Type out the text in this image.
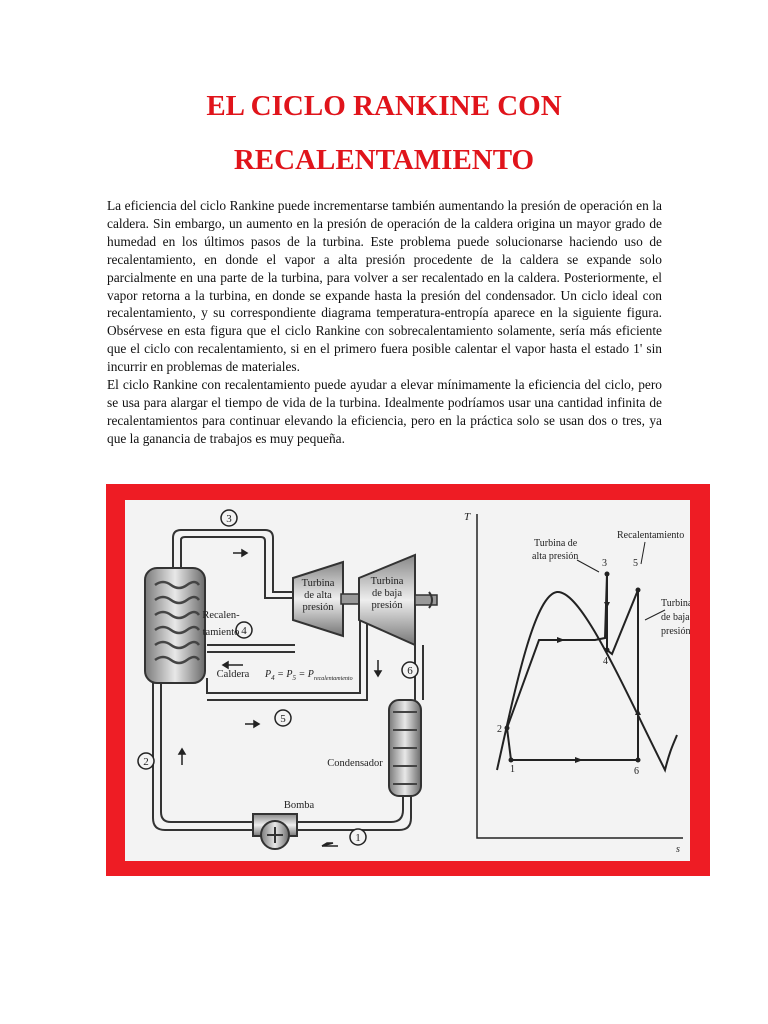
EL CICLO RANKINE CON
RECALENTAMIENTO

La eficiencia del ciclo Rankine puede incrementarse también aumentando la presión de operación en la caldera. Sin embargo, un aumento en la presión de operación de la caldera origina un mayor grado de humedad en los últimos pasos de la turbina. Este problema puede solucionarse haciendo uso de recalentamiento, en donde el vapor a alta presión procedente de la caldera se expande solo parcialmente en una parte de la turbina, para volver a ser recalentado en la caldera. Posteriormente, el vapor retorna a la turbina, en donde se expande hasta la presión del condensador. Un ciclo ideal con recalentamiento, y su correspondiente diagrama temperatura-entropía aparece en la siguiente figura. Obsérvese en esta figura que el ciclo Rankine con sobrecalentamiento solamente, sería más eficiente que el ciclo con recalentamiento, si en el primero fuera posible calentar el vapor hasta el estado 1' sin incurrir en problemas de materiales.

El ciclo Rankine con recalentamiento puede ayudar a elevar mínimamente la eficiencia del ciclo, pero se usa para alargar el tiempo de vida de la turbina. Idealmente podríamos usar una cantidad infinita de recalentamientos para continuar elevando la eficiencia, pero en la práctica solo se usan dos o tres, ya que la ganancia de trabajos es muy pequeña.

3
4
5
6
1
2
Turbina
de alta
presión
Turbina
de baja
presión
Recalen-
tamiento
Caldera
Condensador
Bomba
$P_4 = P_5 = P_{recalentamiento}$
T
s
1
2
3
4
5
6
Turbina de
alta presión
Recalentamiento
Turbina
de baja
presión
